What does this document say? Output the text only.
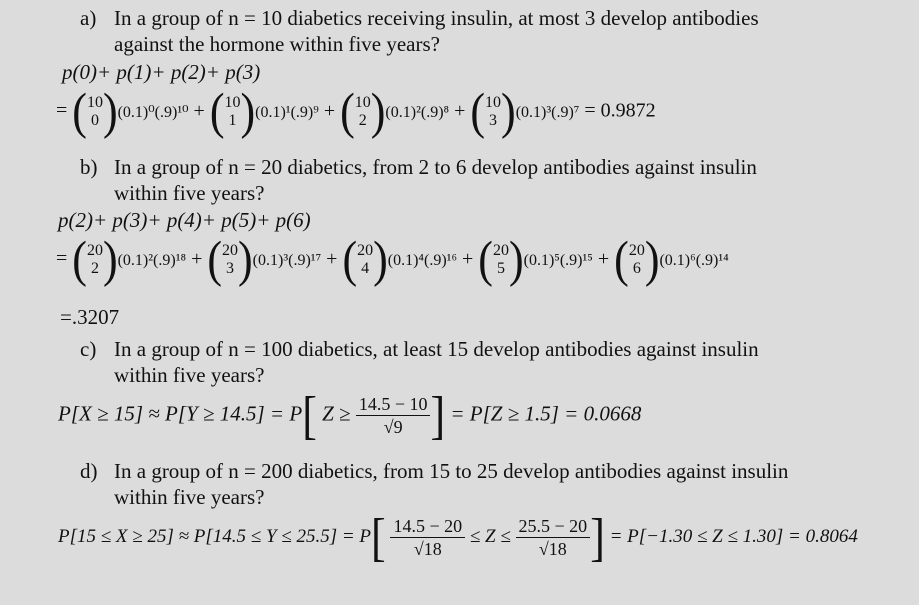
a) In a group of n = 10 diabetics receiving insulin, at most 3 develop antibodies
against the hormone within five years?
p(0)+ p(1)+ p(2)+ p(3)
= ( 10
0 )(0.1)⁰(.9)¹⁰ + ( 10
1 )(0.1)¹(.9)⁹ + ( 10
2 )(0.1)²(.9)⁸ + ( 10
3 )(0.1)³(.9)⁷ = 0.9872
b) In a group of n = 20 diabetics, from 2 to 6 develop antibodies against insulin
within five years?
p(2)+ p(3)+ p(4)+ p(5)+ p(6)
= ( 20
2 )(0.1)²(.9)¹⁸ + ( 20
3 )(0.1)³(.9)¹⁷ + ( 20
4 )(0.1)⁴(.9)¹⁶ + ( 20
5 )(0.1)⁵(.9)¹⁵ + ( 20
6 )(0.1)⁶(.9)¹⁴
=.3207
c) In a group of n = 100 diabetics, at least 15 develop antibodies against insulin
within five years?
P[X ≥ 15] ≈ P[Y ≥ 14.5] = P[ $Z \ge \frac{14.5 - 10}{√9}$ ] = P[Z ≥ 1.5] = 0.0668
d) In a group of n = 200 diabetics, from 15 to 25 develop antibodies against insulin
within five years?
$P[15 \le X \ge 25] \approx P[14.5 \le Y \le 25.5] = P[ \frac{14.5 - 20}{√18} \le Z \le \frac{25.5 - 20}{√18}$ ] = P[−1.30 ≤ Z ≤ 1.30] = 0.8064
